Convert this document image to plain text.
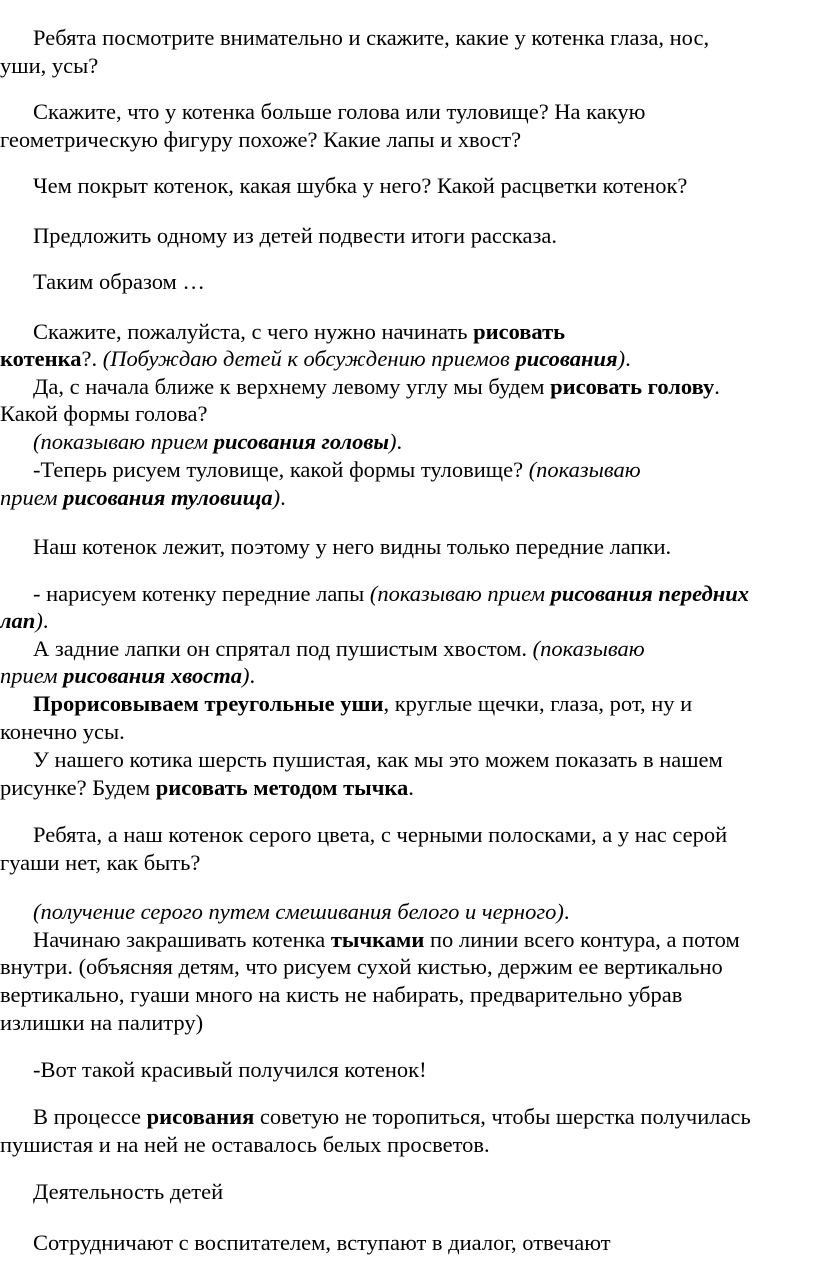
Ребята посмотрите внимательно и скажите, какие у котенка глаза, нос,
уши, усы?
Скажите, что у котенка больше голова или туловище? На какую
геометрическую фигуру похоже? Какие лапы и хвост?
Чем покрыт котенок, какая шубка у него? Какой расцветки котенок?
Предложить одному из детей подвести итоги рассказа.
Таким образом …
Скажите, пожалуйста, с чего нужно начинать рисовать
котенка?. (Побуждаю детей к обсуждению приемов рисования).
Да, с начала ближе к верхнему левому углу мы будем рисовать голову.
Какой формы голова?
(показываю прием рисования головы).
-Теперь рисуем туловище, какой формы туловище? (показываю
прием рисования туловища).
Наш котенок лежит, поэтому у него видны только передние лапки.
- нарисуем котенку передние лапы (показываю прием рисования передних
лап).
А задние лапки он спрятал под пушистым хвостом. (показываю
прием рисования хвоста).
Прорисовываем треугольные уши, круглые щечки, глаза, рот, ну и
конечно усы.
У нашего котика шерсть пушистая, как мы это можем показать в нашем
рисунке? Будем рисовать методом тычка.
Ребята, а наш котенок серого цвета, с черными полосками, а у нас серой
гуаши нет, как быть?
(получение серого путем смешивания белого и черного).
Начинаю закрашивать котенка тычками по линии всего контура, а потом
внутри. (объясняя детям, что рисуем сухой кистью, держим ее вертикально
вертикально, гуаши много на кисть не набирать, предварительно убрав
излишки на палитру)
-Вот такой красивый получился котенок!
В процессе рисования советую не торопиться, чтобы шерстка получилась
пушистая и на ней не оставалось белых просветов.
Деятельность детей
Сотрудничают с воспитателем, вступают в диалог, отвечают
